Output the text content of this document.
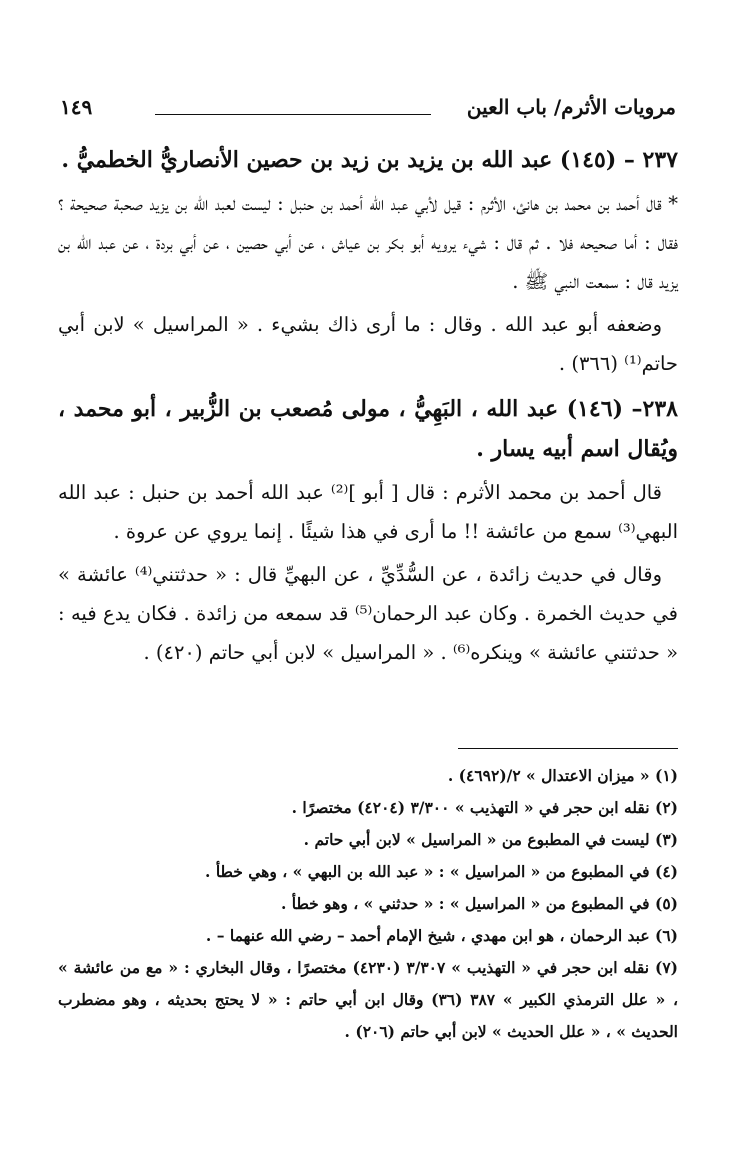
مرويات الأثرم/ باب العين
١٤٩

٢٣٧ – (١٤٥) عبد الله بن يزيد بن زيد بن حصين الأنصاريُّ الخطميُّ .

* قال أحمد بن محمد بن هانئ، الأثرم : قيل لأبي عبد الله أحمد بن حنبل : ليست لعبد الله بن يزيد صحبة صحيحة ؟ فقال : أما صحيحه فلا . ثم قال : شيء يرويه أبو بكر بن عياش ، عن أبي حصين ، عن أبي بردة ، عن عبد الله بن يزيد قال : سمعت النبي ﷺ .

وضعفه أبو عبد الله . وقال : ما أرى ذاك بشيء . « المراسيل » لابن أبي حاتم⁽¹⁾ (٣٦٦) .

٢٣٨– (١٤٦) عبد الله ، البَهِيُّ ، مولى مُصعب بن الزُّبير ، أبو محمد ، ويُقال اسم أبيه يسار .

قال أحمد بن محمد الأثرم : قال [ أبو ]⁽²⁾ عبد الله أحمد بن حنبل : عبد الله البهي⁽³⁾ سمع من عائشة !! ما أرى في هذا شيئًا . إنما يروي عن عروة .

وقال في حديث زائدة ، عن السُّدِّيِّ ، عن البهيِّ قال : « حدثتني⁽⁴⁾ عائشة » في حديث الخمرة . وكان عبد الرحمان⁽⁵⁾ قد سمعه من زائدة . فكان يدع فيه : « حدثتني عائشة » وينكره⁽⁶⁾ . « المراسيل » لابن أبي حاتم (٤٢٠) .

(١) « ميزان الاعتدال » ٢/(٤٦٩٢) .

(٢) نقله ابن حجر في « التهذيب » ٣/٣٠٠ (٤٢٠٤) مختصرًا .

(٣) ليست في المطبوع من « المراسيل » لابن أبي حاتم .

(٤) في المطبوع من « المراسيل » : « عبد الله بن البهي » ، وهي خطأ .

(٥) في المطبوع من « المراسيل » : « حدثني » ، وهو خطأ .

(٦) عبد الرحمان ، هو ابن مهدي ، شيخ الإمام أحمد – رضي الله عنهما – .

(٧) نقله ابن حجر في « التهذيب » ٣/٣٠٧ (٤٢٣٠) مختصرًا ، وقال البخاري : « مع من عائشة » ، « علل الترمذي الكبير » ٣٨٧ (٣٦) وقال ابن أبي حاتم : « لا يحتج بحديثه ، وهو مضطرب الحديث » ، « علل الحديث » لابن أبي حاتم (٢٠٦) .
